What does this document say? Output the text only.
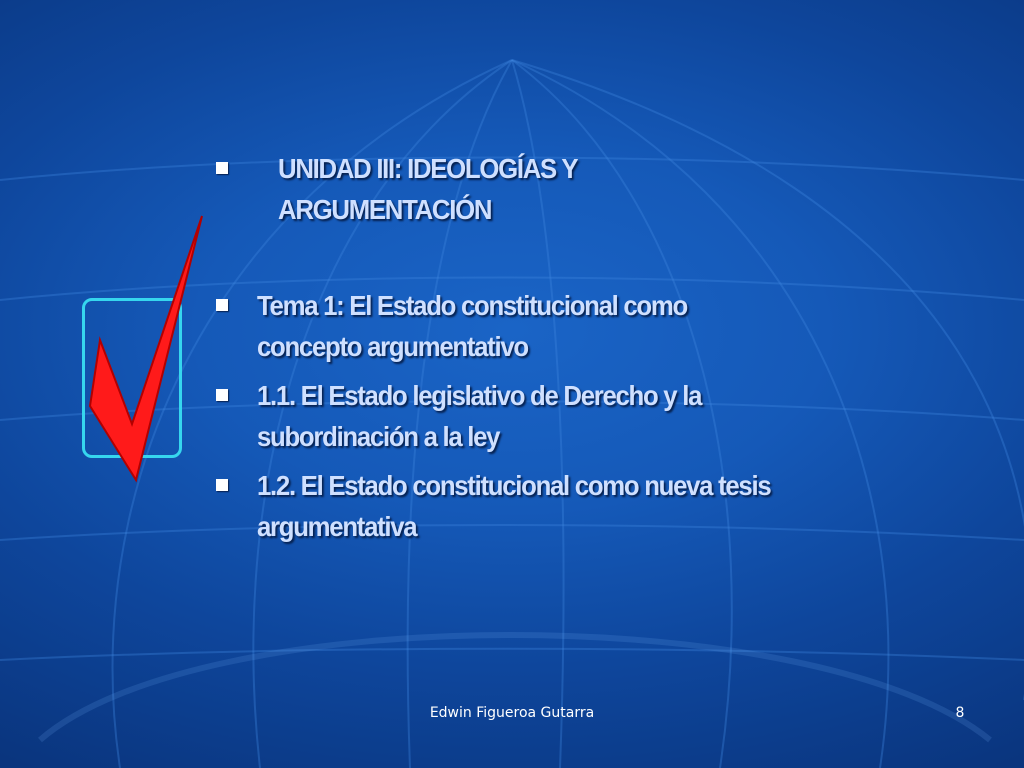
UNIDAD III: IDEOLOGÍAS Y
ARGUMENTACIÓN
Tema 1: El Estado constitucional como
concepto argumentativo
1.1. El Estado legislativo de Derecho y la
subordinación a la ley
1.2. El Estado constitucional como nueva tesis
argumentativa
Edwin Figueroa Gutarra	8
